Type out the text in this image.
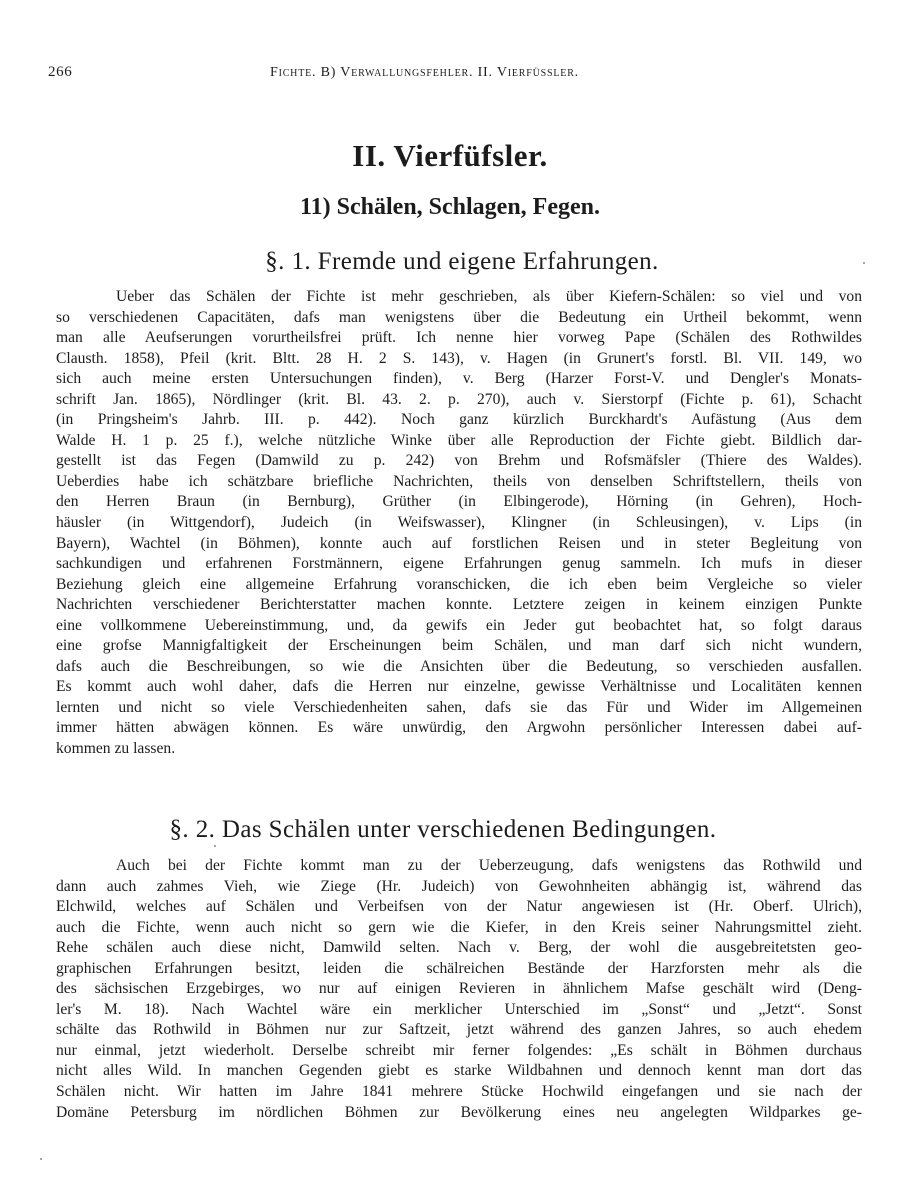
266	Fichte. B) Verwallungsfehler. II. Vierfüssler.
II. Vierfüfsler.
11) Schälen, Schlagen, Fegen.
§. 1. Fremde und eigene Erfahrungen.
Ueber das Schälen der Fichte ist mehr geschrieben, als über Kiefern-Schälen: so viel und von
so verschiedenen Capacitäten, dafs man wenigstens über die Bedeutung ein Urtheil bekommt, wenn
man alle Aeufserungen vorurtheilsfrei prüft. Ich nenne hier vorweg Pape (Schälen des Rothwildes
Clausth. 1858), Pfeil (krit. Bltt. 28 H. 2 S. 143), v. Hagen (in Grunert's forstl. Bl. VII. 149, wo
sich auch meine ersten Untersuchungen finden), v. Berg (Harzer Forst-V. und Dengler's Monats-
schrift Jan. 1865), Nördlinger (krit. Bl. 43. 2. p. 270), auch v. Sierstorpf (Fichte p. 61), Schacht
(in Pringsheim's Jahrb. III. p. 442). Noch ganz kürzlich Burckhardt's Aufästung (Aus dem
Walde H. 1 p. 25 f.), welche nützliche Winke über alle Reproduction der Fichte giebt. Bildlich dar-
gestellt ist das Fegen (Damwild zu p. 242) von Brehm und Rofsmäfsler (Thiere des Waldes).
Ueberdies habe ich schätzbare briefliche Nachrichten, theils von denselben Schriftstellern, theils von
den Herren Braun (in Bernburg), Grüther (in Elbingerode), Hörning (in Gehren), Hoch-
häusler (in Wittgendorf), Judeich (in Weifswasser), Klingner (in Schleusingen), v. Lips (in
Bayern), Wachtel (in Böhmen), konnte auch auf forstlichen Reisen und in steter Begleitung von
sachkundigen und erfahrenen Forstmännern, eigene Erfahrungen genug sammeln. Ich mufs in dieser
Beziehung gleich eine allgemeine Erfahrung voranschicken, die ich eben beim Vergleiche so vieler
Nachrichten verschiedener Berichterstatter machen konnte. Letztere zeigen in keinem einzigen Punkte
eine vollkommene Uebereinstimmung, und, da gewifs ein Jeder gut beobachtet hat, so folgt daraus
eine grofse Mannigfaltigkeit der Erscheinungen beim Schälen, und man darf sich nicht wundern,
dafs auch die Beschreibungen, so wie die Ansichten über die Bedeutung, so verschieden ausfallen.
Es kommt auch wohl daher, dafs die Herren nur einzelne, gewisse Verhältnisse und Localitäten kennen
lernten und nicht so viele Verschiedenheiten sahen, dafs sie das Für und Wider im Allgemeinen
immer hätten abwägen können. Es wäre unwürdig, den Argwohn persönlicher Interessen dabei auf-
kommen zu lassen.
§. 2. Das Schälen unter verschiedenen Bedingungen.
Auch bei der Fichte kommt man zu der Ueberzeugung, dafs wenigstens das Rothwild und
dann auch zahmes Vieh, wie Ziege (Hr. Judeich) von Gewohnheiten abhängig ist, während das
Elchwild, welches auf Schälen und Verbeifsen von der Natur angewiesen ist (Hr. Oberf. Ulrich),
auch die Fichte, wenn auch nicht so gern wie die Kiefer, in den Kreis seiner Nahrungsmittel zieht.
Rehe schälen auch diese nicht, Damwild selten. Nach v. Berg, der wohl die ausgebreitetsten geo-
graphischen Erfahrungen besitzt, leiden die schälreichen Bestände der Harzforsten mehr als die
des sächsischen Erzgebirges, wo nur auf einigen Revieren in ähnlichem Mafse geschält wird (Deng-
ler's M. 18). Nach Wachtel wäre ein merklicher Unterschied im „Sonst“ und „Jetzt“. Sonst
schälte das Rothwild in Böhmen nur zur Saftzeit, jetzt während des ganzen Jahres, so auch ehedem
nur einmal, jetzt wiederholt. Derselbe schreibt mir ferner folgendes: „Es schält in Böhmen durchaus
nicht alles Wild. In manchen Gegenden giebt es starke Wildbahnen und dennoch kennt man dort das
Schälen nicht. Wir hatten im Jahre 1841 mehrere Stücke Hochwild eingefangen und sie nach der
Domäne Petersburg im nördlichen Böhmen zur Bevölkerung eines neu angelegten Wildparkes ge-
